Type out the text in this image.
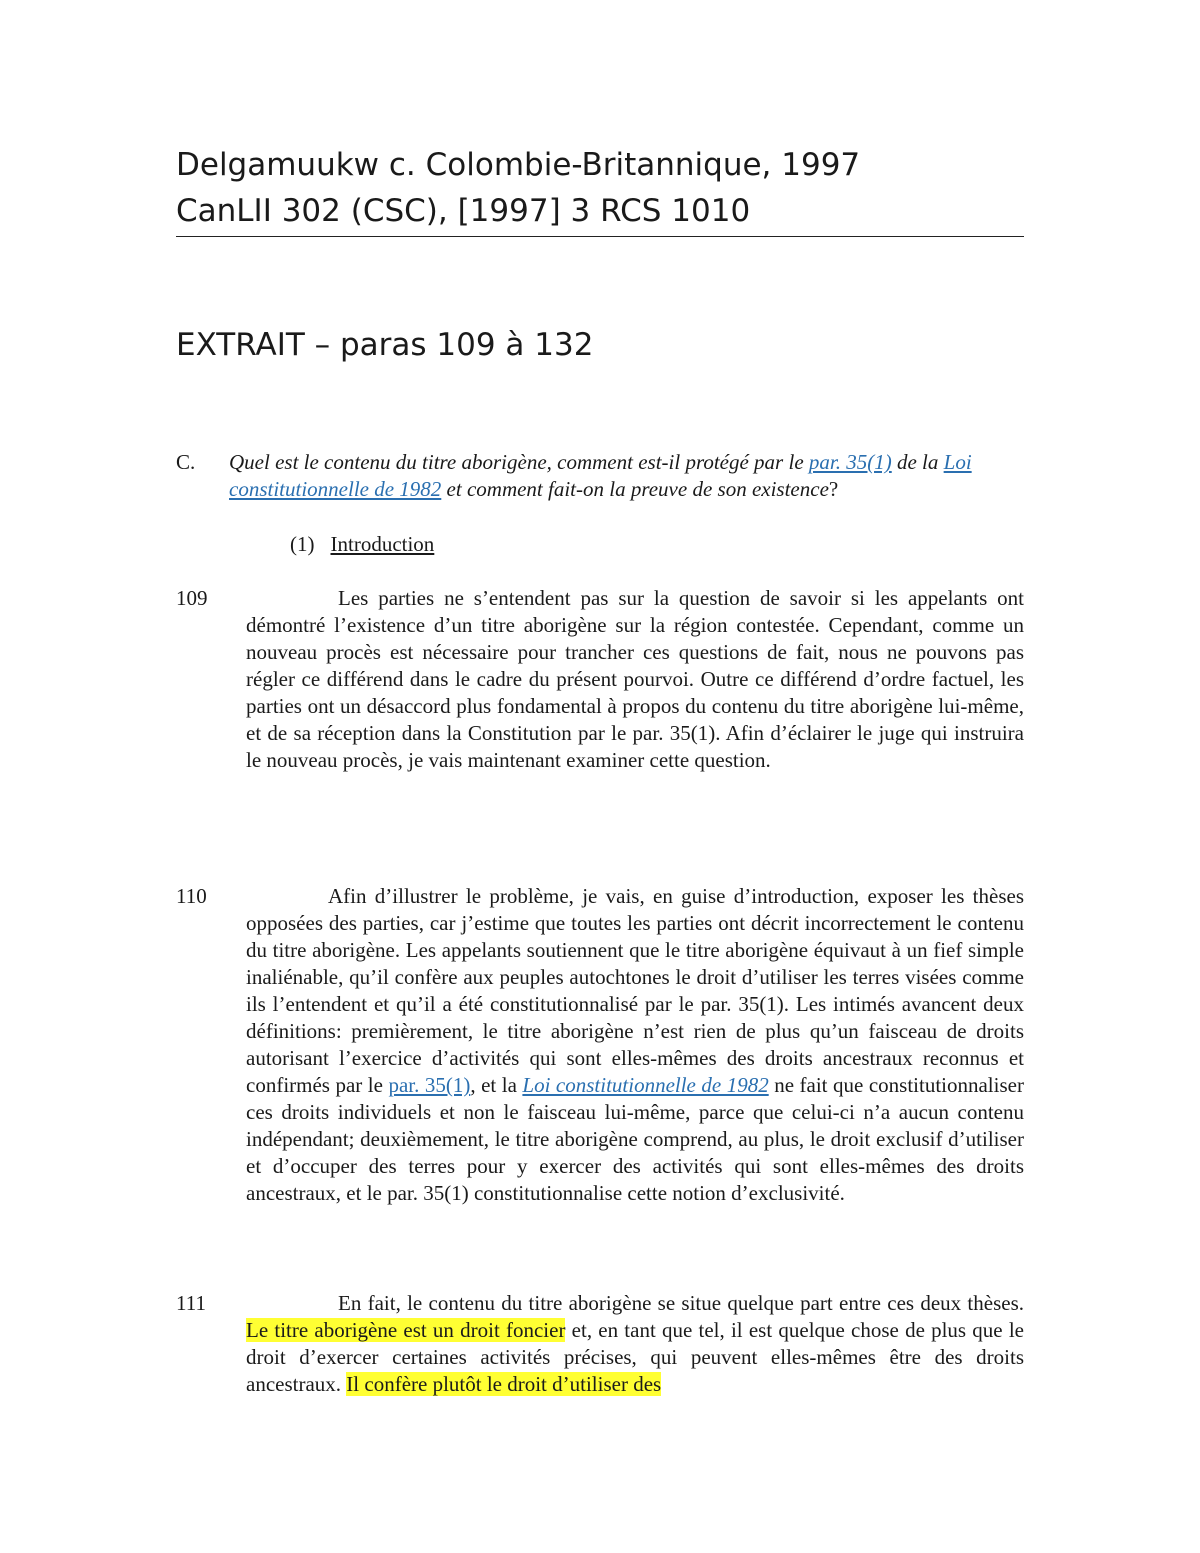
Delgamuukw c. Colombie-Britannique, 1997
CanLII 302 (CSC), [1997] 3 RCS 1010
EXTRAIT – paras 109 à 132
C. Quel est le contenu du titre aborigène, comment est-il protégé par le par. 35(1) de la Loi constitutionnelle de 1982 et comment fait-on la preuve de son existence?
(1) Introduction
109	Les parties ne s’entendent pas sur la question de savoir si les appelants ont démontré l’existence d’un titre aborigène sur la région contestée. Cependant, comme un nouveau procès est nécessaire pour trancher ces questions de fait, nous ne pouvons pas régler ce différend dans le cadre du présent pourvoi. Outre ce différend d’ordre factuel, les parties ont un désaccord plus fondamental à propos du contenu du titre aborigène lui-même, et de sa réception dans la Constitution par le par. 35(1). Afin d’éclairer le juge qui instruira le nouveau procès, je vais maintenant examiner cette question.
110	Afin d’illustrer le problème, je vais, en guise d’introduction, exposer les thèses opposées des parties, car j’estime que toutes les parties ont décrit incorrectement le contenu du titre aborigène. Les appelants soutiennent que le titre aborigène équivaut à un fief simple inaliénable, qu’il confère aux peuples autochtones le droit d’utiliser les terres visées comme ils l’entendent et qu’il a été constitutionnalisé par le par. 35(1). Les intimés avancent deux définitions: premièrement, le titre aborigène n’est rien de plus qu’un faisceau de droits autorisant l’exercice d’activités qui sont elles-mêmes des droits ancestraux reconnus et confirmés par le par. 35(1), et la Loi constitutionnelle de 1982 ne fait que constitutionnaliser ces droits individuels et non le faisceau lui-même, parce que celui-ci n’a aucun contenu indépendant; deuxièmement, le titre aborigène comprend, au plus, le droit exclusif d’utiliser et d’occuper des terres pour y exercer des activités qui sont elles-mêmes des droits ancestraux, et le par. 35(1) constitutionnalise cette notion d’exclusivité.
111	En fait, le contenu du titre aborigène se situe quelque part entre ces deux thèses. Le titre aborigène est un droit foncier et, en tant que tel, il est quelque chose de plus que le droit d’exercer certaines activités précises, qui peuvent elles-mêmes être des droits ancestraux. Il confère plutôt le droit d’utiliser des
